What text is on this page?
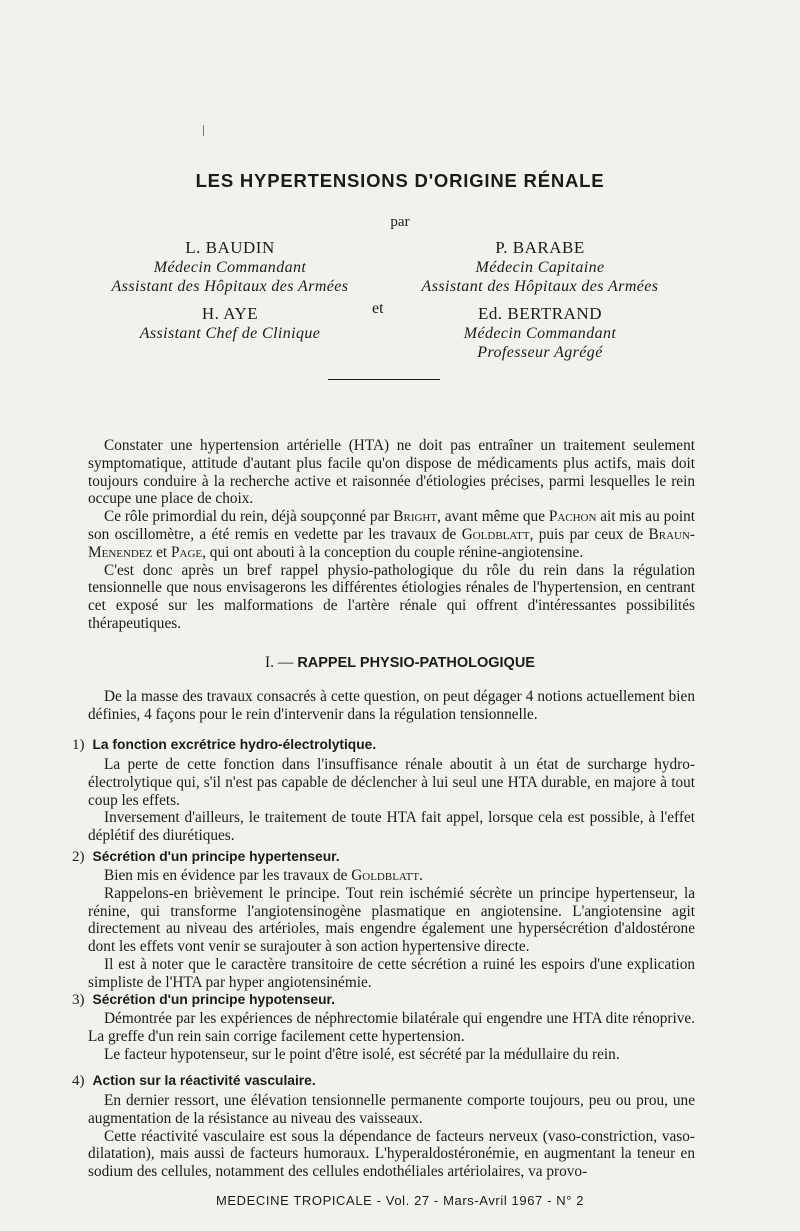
LES HYPERTENSIONS D'ORIGINE RÉNALE
par
L. BAUDIN
Médecin Commandant
Assistant des Hôpitaux des Armées
H. AYE
Assistant Chef de Clinique
et
P. BARABE
Médecin Capitaine
Assistant des Hôpitaux des Armées
Ed. BERTRAND
Médecin Commandant
Professeur Agrégé

Constater une hypertension artérielle (HTA) ne doit pas entraîner un traitement seulement symptomatique, attitude d'autant plus facile qu'on dispose de médicaments plus actifs, mais doit toujours conduire à la recherche active et raisonnée d'étiologies précises, parmi lesquelles le rein occupe une place de choix.

Ce rôle primordial du rein, déjà soupçonné par Bright, avant même que Pachon ait mis au point son oscillomètre, a été remis en vedette par les travaux de Goldblatt, puis par ceux de Braun-Menendez et Page, qui ont abouti à la conception du couple rénine-angiotensine.

C'est donc après un bref rappel physio-pathologique du rôle du rein dans la régulation tensionnelle que nous envisagerons les différentes étiologies rénales de l'hypertension, en centrant cet exposé sur les malformations de l'artère rénale qui offrent d'intéressantes possibilités thérapeutiques.

I. — RAPPEL PHYSIO-PATHOLOGIQUE

De la masse des travaux consacrés à cette question, on peut dégager 4 notions actuellement bien définies, 4 façons pour le rein d'intervenir dans la régulation tensionnelle.

1) La fonction excrétrice hydro-électrolytique.

La perte de cette fonction dans l'insuffisance rénale aboutit à un état de surcharge hydro-électrolytique qui, s'il n'est pas capable de déclencher à lui seul une HTA durable, en majore à tout coup les effets.

Inversement d'ailleurs, le traitement de toute HTA fait appel, lorsque cela est possible, à l'effet déplétif des diurétiques.

2) Sécrétion d'un principe hypertenseur.

Bien mis en évidence par les travaux de Goldblatt.

Rappelons-en brièvement le principe. Tout rein ischémié sécrète un principe hypertenseur, la rénine, qui transforme l'angiotensinogène plasmatique en angiotensine. L'angiotensine agit directement au niveau des artérioles, mais engendre également une hypersécrétion d'aldostérone dont les effets vont venir se surajouter à son action hypertensive directe.

Il est à noter que le caractère transitoire de cette sécrétion a ruiné les espoirs d'une explication simpliste de l'HTA par hyper angiotensinémie.

3) Sécrétion d'un principe hypotenseur.

Démontrée par les expériences de néphrectomie bilatérale qui engendre une HTA dite rénoprive. La greffe d'un rein sain corrige facilement cette hypertension.

Le facteur hypotenseur, sur le point d'être isolé, est sécrété par la médullaire du rein.

4) Action sur la réactivité vasculaire.

En dernier ressort, une élévation tensionnelle permanente comporte toujours, peu ou prou, une augmentation de la résistance au niveau des vaisseaux.

Cette réactivité vasculaire est sous la dépendance de facteurs nerveux (vaso-constriction, vaso-dilatation), mais aussi de facteurs humoraux. L'hyperaldostéronémie, en augmentant la teneur en sodium des cellules, notamment des cellules endothéliales artériolaires, va provo-

MEDECINE TROPICALE - Vol. 27 - Mars-Avril 1967 - N° 2
